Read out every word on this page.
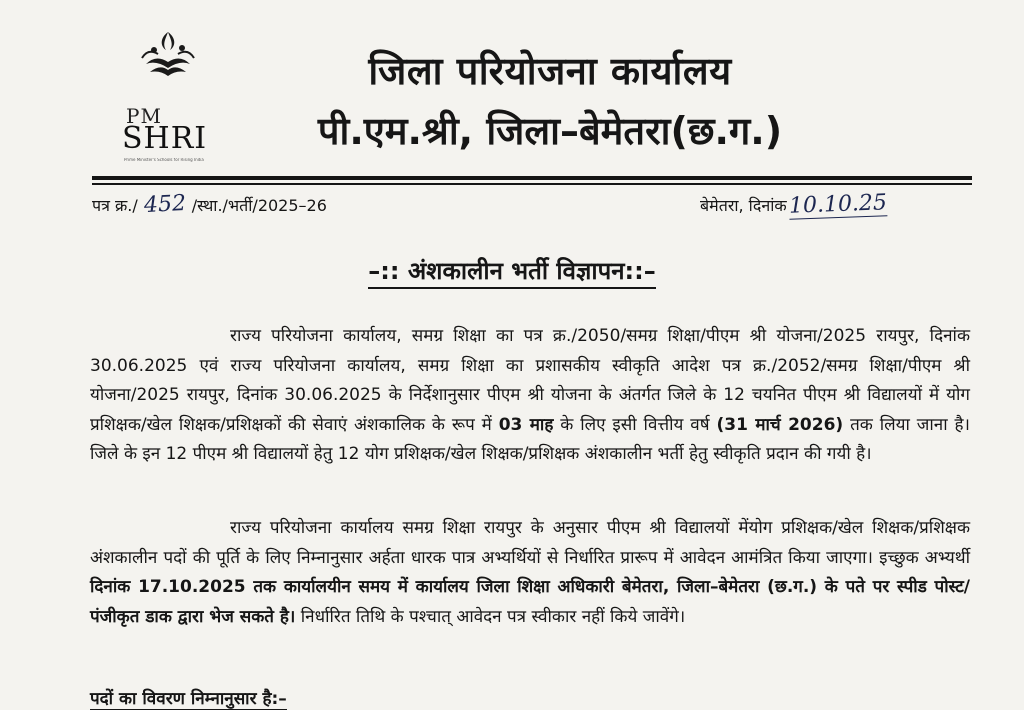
PM
SHRI
Prime Minister's Schools for Rising India
जिला परियोजना कार्यालय
पी.एम.श्री, जिला–बेमेतरा(छ.ग.)
पत्र क्र./ 452 /स्था./भर्ती/2025–26	बेमेतरा, दिनांक10.10.25
–:: अंशकालीन भर्ती विज्ञापन::–
राज्य परियोजना कार्यालय, समग्र शिक्षा का पत्र क्र./2050/समग्र शिक्षा/पीएम श्री योजना/2025 रायपुर, दिनांक 30.06.2025 एवं राज्य परियोजना कार्यालय, समग्र शिक्षा का प्रशासकीय स्वीकृति आदेश पत्र क्र./2052/समग्र शिक्षा/पीएम श्री योजना/2025 रायपुर, दिनांक 30.06.2025 के निर्देशानुसार पीएम श्री योजना के अंतर्गत जिले के 12 चयनित पीएम श्री विद्यालयों में योग प्रशिक्षक/खेल शिक्षक/प्रशिक्षकों की सेवाएं अंशकालिक के रूप में 03 माह के लिए इसी वित्तीय वर्ष (31 मार्च 2026) तक लिया जाना है। जिले के इन 12 पीएम श्री विद्यालयों हेतु 12 योग प्रशिक्षक/खेल शिक्षक/प्रशिक्षक अंशकालीन भर्ती हेतु स्वीकृति प्रदान की गयी है।
राज्य परियोजना कार्यालय समग्र शिक्षा रायपुर के अनुसार पीएम श्री विद्यालयों मेंयोग प्रशिक्षक/खेल शिक्षक/प्रशिक्षक अंशकालीन पदों की पूर्ति के लिए निम्नानुसार अर्हता धारक पात्र अभ्यर्थियों से निर्धारित प्रारूप में आवेदन आमंत्रित किया जाएगा। इच्छुक अभ्यर्थी दिनांक 17.10.2025 तक कार्यालयीन समय में कार्यालय जिला शिक्षा अधिकारी बेमेतरा, जिला–बेमेतरा (छ.ग.) के पते पर स्पीड पोस्ट/पंजीकृत डाक द्वारा भेज सकते है। निर्धारित तिथि के पश्चात् आवेदन पत्र स्वीकार नहीं किये जावेंगे।
पदों का विवरण निम्नानुसार है:–
